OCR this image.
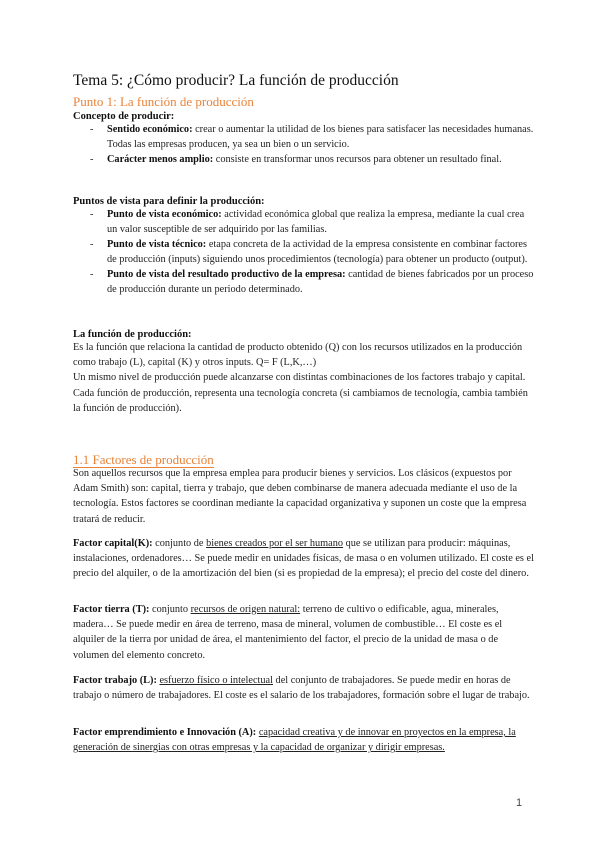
Tema 5: ¿Cómo producir? La función de producción
Punto 1: La función de producción
Concepto de producir:
- Sentido económico: crear o aumentar la utilidad de los bienes para satisfacer las necesidades humanas. Todas las empresas producen, ya sea un bien o un servicio.
- Carácter menos amplio: consiste en transformar unos recursos para obtener un resultado final.
Puntos de vista para definir la producción:
- Punto de vista económico: actividad económica global que realiza la empresa, mediante la cual crea un valor susceptible de ser adquirido por las familias.
- Punto de vista técnico: etapa concreta de la actividad de la empresa consistente en combinar factores de producción (inputs) siguiendo unos procedimientos (tecnología) para obtener un producto (output).
- Punto de vista del resultado productivo de la empresa: cantidad de bienes fabricados por un proceso de producción durante un periodo determinado.
La función de producción:
Es la función que relaciona la cantidad de producto obtenido (Q) con los recursos utilizados en la producción como trabajo (L), capital (K) y otros inputs. Q= F (L,K,…)
Un mismo nivel de producción puede alcanzarse con distintas combinaciones de los factores trabajo y capital.
Cada función de producción, representa una tecnología concreta (si cambiamos de tecnología, cambia también la función de producción).
1.1 Factores de producción
Son aquellos recursos que la empresa emplea para producir bienes y servicios. Los clásicos (expuestos por Adam Smith) son: capital, tierra y trabajo, que deben combinarse de manera adecuada mediante el uso de la tecnología. Estos factores se coordinan mediante la capacidad organizativa y suponen un coste que la empresa tratará de reducir.
Factor capital(K): conjunto de bienes creados por el ser humano que se utilizan para producir: máquinas, instalaciones, ordenadores… Se puede medir en unidades físicas, de masa o en volumen utilizado. El coste es el precio del alquiler, o de la amortización del bien (si es propiedad de la empresa); el precio del coste del dinero.
Factor tierra (T): conjunto recursos de origen natural: terreno de cultivo o edificable, agua, minerales, madera… Se puede medir en área de terreno, masa de mineral, volumen de combustible… El coste es el alquiler de la tierra por unidad de área, el mantenimiento del factor, el precio de la unidad de masa o de volumen del elemento concreto.
Factor trabajo (L): esfuerzo físico o intelectual del conjunto de trabajadores. Se puede medir en horas de trabajo o número de trabajadores. El coste es el salario de los trabajadores, formación sobre el lugar de trabajo.
Factor emprendimiento e Innovación (A): capacidad creativa y de innovar en proyectos en la empresa, la generación de sinergias con otras empresas y la capacidad de organizar y dirigir empresas.
1
